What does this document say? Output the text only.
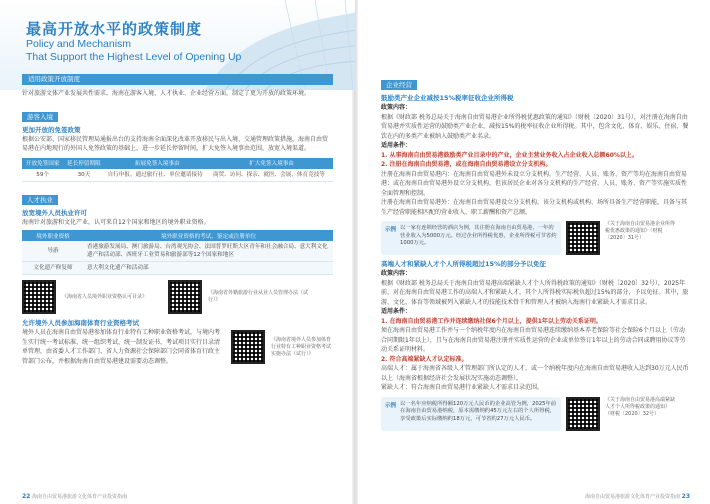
最高开放水平的政策制度
Policy and Mechanism
That Support the Highest Level of Opening Up
适用政策开放制度
针对旅游文体产业发展共性需求，海南在游客入境、人才执业、企业经营方面，制定了更为开放的政策环境。
游客入境
更加开放的免签政策
根据公安部、国家移民管理局通报出台的支持海南全面深化改革开放移民与出入境、交通管理政策措施，海南自由贸易港在内地现行的外国人免签政策的基础上，进一步延长停留时间，扩大免签入境事由范围，放宽入境渠道。
开放免签国家	延长停留期限	拓展免签入境事由	扩大免签入境事由
59个	30天	自行申报、通过旅行社、单位邀请接待	商贸、访问、探亲、就医、会展、体育竞技等
人才执业
放宽境外人员执业许可
海南针对旅游和文化产业，认可来自12个国家和地区的境外职业资格。
境外职业资格	境外职业资格的考试、鉴定或注册单位
导游	香港旅游发展局、澳门旅游局、台湾观光协会、法国普罗旺斯大区青年和社会融合局、意大利文化遗产和活动部、西班牙工业贸易和旅游部等12个国家和地区
文化遗产修复师	意大利文化遗产和活动部
《海南省人员境外职业资格认可目录》
《海南省外籍旅游行业从业人员管理办法（试行）》
允许境外人员参加海南体育行业资格考试
境外人员在海南自由贸易港参加体育行业特有工种职业资格考试，与境内考生实行统一考试标准、统一组织考试、统一制发证书，考试项目实行目录清单管理，由省委人才工作部门、省人力资源社会保障部门会同省体育行政主管部门公布，并根据海南自由贸易港建设需要动态调整。
《海南省境外人员参加体育行业特有工种职业资格考试实施办法（试行）》
22 海南自由贸易港旅游文化体育产业投资指南
企业经营
鼓励类产业企业减按15%税率征收企业所得税
政策内容：
根据《财政部 税务总局关于海南自由贸易港企业所得税优惠政策的通知》（财税〔2020〕31号），对注册在海南自由贸易港并实质性运营的鼓励类产业企业，减按15%的税率征收企业所得税。其中，包含文化、体育、娱乐、住宿、餐饮在内的多类产业被纳入鼓励类产业名录。
适用条件：
1. 从事海南自由贸易港鼓励类产业目录中的产业，企业主营业务收入占企业收入总额60%以上。
2. 注册在海南自由贸易港，或在海南自由贸易港设立分支机构。
注册在海南自由贸易港内：在海南自由贸易港外未设立分支机构，生产经营、人员、账务、资产等均在海南自由贸易港；或在海南自由贸易港外设立分支机构，但该居民企业对各分支机构的生产经营、人员、账务、资产等实施实质性全面管理和控制。
注册在海南自由贸易港外：在海南自由贸易港设立分支机构，该分支机构或机构、场所具备生产经营职能，具备与其生产经营职能相匹配的营业收入、职工薪酬和资产总额。
示例 以一家有连锁经营的酒店为例，其注册在海南自由贸易港，一年的营业收入为5000万元。经过企业所得税优惠，企业所得税可节省约1000万元。
《关于海南自由贸易港企业所得税优惠政策的通知》（财税〔2020〕31号）
高端人才和紧缺人才个人所得税超过15%的部分予以免征
政策内容：
根据《财政部 税务总局关于海南自由贸易港高端紧缺人才个人所得税政策的通知》（财税〔2020〕32号），2025年前，对在海南自由贸易港工作的高端人才和紧缺人才，其个人所得税实际税负超过15%的部分，予以免征。其中，旅游、文化、体育等领域被列入紧缺人才的技能技术骨干和管理人才被纳入海南行业紧缺人才需求目录。
适用条件：
1. 在海南自由贸易港工作并连续缴纳社保6个月以上，提供1年以上劳动关系证明。
须在海南自由贸易港工作并与一个纳税年度内在海南自由贸易港连续缴纳基本养老保险等社会保险6个月以上（劳动合同期限1年以上），且与在海南自由贸易港注册并实质性运营的企业或单位签订1年以上的劳动合同或聘用协议等劳动关系证明材料。
2. 符合高端紧缺人才认定标准。
高端人才：属于海南省各级人才管理部门所认定的人才，或一个纳税年度内在海南自由贸易港收入达到30万元人民币以上（海南省根据经济社会发展状况实施动态调整）。
紧缺人才：符合海南自由贸易港行业紧缺人才需求目录范围。
示例 以一名年应纳税所得额120万元人民币的企业高管为例，2025年前在海南自由贸易港纳税，原本需缴纳约45万元左右的个人所得税，享受政策后实际缴纳约18万元，可节省约27万元人民币。
《关于海南自由贸易港高端紧缺人才个人所得税政策的通知》（财税〔2020〕32号）
海南自由贸易港旅游文化体育产业投资指南 23
